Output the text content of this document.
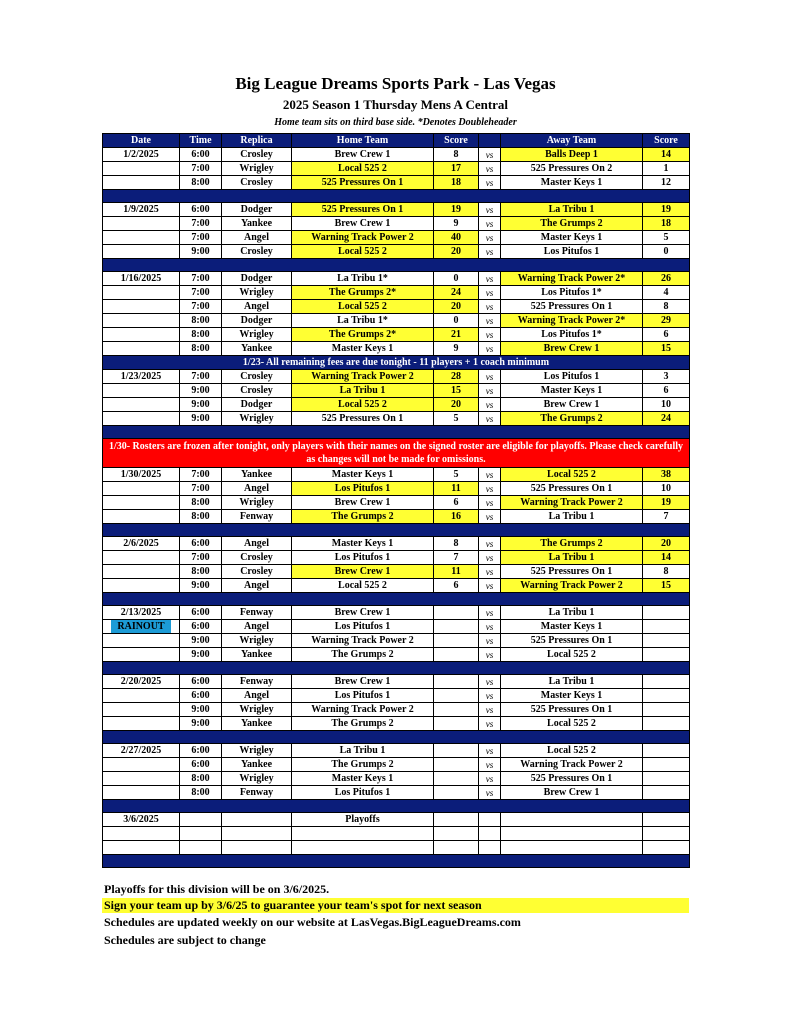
Big League Dreams Sports Park - Las Vegas
2025 Season 1 Thursday Mens A Central
Home team sits on third base side. *Denotes Doubleheader
Date	Time	Replica	Home Team	Score		Away Team	Score
1/2/2025	6:00	Crosley	Brew Crew 1	8	vs	Balls Deep 1	14
	7:00	Wrigley	Local 525 2	17	vs	525 Pressures On 2	1
	8:00	Crosley	525 Pressures On 1	18	vs	Master Keys 1	12

1/9/2025	6:00	Dodger	525 Pressures On 1	19	vs	La Tribu 1	19
	7:00	Yankee	Brew Crew 1	9	vs	The Grumps 2	18
	7:00	Angel	Warning Track Power 2	40	vs	Master Keys 1	5
	9:00	Crosley	Local 525 2	20	vs	Los Pitufos 1	0

1/16/2025	7:00	Dodger	La Tribu 1*	0	vs	Warning Track Power 2*	26
	7:00	Wrigley	The Grumps 2*	24	vs	Los Pitufos 1*	4
	7:00	Angel	Local 525 2	20	vs	525 Pressures On 1	8
	8:00	Dodger	La Tribu 1*	0	vs	Warning Track Power 2*	29
	8:00	Wrigley	The Grumps 2*	21	vs	Los Pitufos 1*	6
	8:00	Yankee	Master Keys 1	9	vs	Brew Crew 1	15
1/23- All remaining fees are due tonight - 11 players + 1 coach minimum							
1/23/2025	7:00	Crosley	Warning Track Power 2	28	vs	Los Pitufos 1	3
	9:00	Crosley	La Tribu 1	15	vs	Master Keys 1	6
	9:00	Dodger	Local 525 2	20	vs	Brew Crew 1	10
	9:00	Wrigley	525 Pressures On 1	5	vs	The Grumps 2	24

1/30- Rosters are frozen after tonight, only players with their names on the signed roster are eligible for playoffs. Please check carefully as changes will not be made for omissions.							
1/30/2025	7:00	Yankee	Master Keys 1	5	vs	Local 525 2	38
	7:00	Angel	Los Pitufos 1	11	vs	525 Pressures On 1	10
	8:00	Wrigley	Brew Crew 1	6	vs	Warning Track Power 2	19
	8:00	Fenway	The Grumps 2	16	vs	La Tribu 1	7

2/6/2025	6:00	Angel	Master Keys 1	8	vs	The Grumps 2	20
	7:00	Crosley	Los Pitufos 1	7	vs	La Tribu 1	14
	8:00	Crosley	Brew Crew 1	11	vs	525 Pressures On 1	8
	9:00	Angel	Local 525 2	6	vs	Warning Track Power 2	15

2/13/2025	6:00	Fenway	Brew Crew 1		vs	La Tribu 1	
RAINOUT	6:00	Angel	Los Pitufos 1		vs	Master Keys 1	
	9:00	Wrigley	Warning Track Power 2		vs	525 Pressures On 1	
	9:00	Yankee	The Grumps 2		vs	Local 525 2	

2/20/2025	6:00	Fenway	Brew Crew 1		vs	La Tribu 1	
	6:00	Angel	Los Pitufos 1		vs	Master Keys 1	
	9:00	Wrigley	Warning Track Power 2		vs	525 Pressures On 1	
	9:00	Yankee	The Grumps 2		vs	Local 525 2	

2/27/2025	6:00	Wrigley	La Tribu 1		vs	Local 525 2	
	6:00	Yankee	The Grumps 2		vs	Warning Track Power 2	
	8:00	Wrigley	Master Keys 1		vs	525 Pressures On 1	
	8:00	Fenway	Los Pitufos 1		vs	Brew Crew 1	

3/6/2025			Playoffs				

Playoffs for this division will be on 3/6/2025.
Sign your team up by 3/6/25 to guarantee your team's spot for next season
Schedules are updated weekly on our website at LasVegas.BigLeagueDreams.com
Schedules are subject to change
